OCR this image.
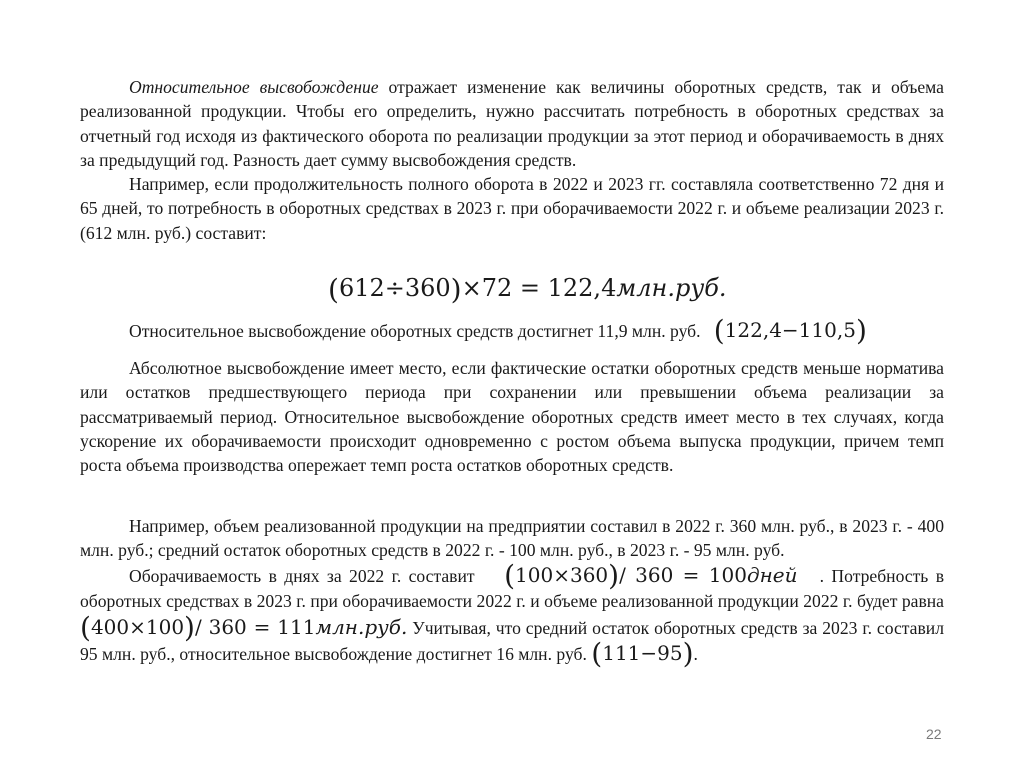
Относительное высвобождение отражает изменение как величины оборотных средств, так и объема реализованной продукции. Чтобы его определить, нужно рассчитать потребность в оборотных средствах за отчетный год исходя из фактического оборота по реализации продукции за этот период и оборачиваемость в днях за предыдущий год. Разность дает сумму высвобождения средств.

Например, если продолжительность полного оборота в 2022 и 2023 гг. составляла соответственно 72 дня и 65 дней, то потребность в оборотных средствах в 2023 г. при оборачиваемости 2022 г. и объеме реализации 2023 г. (612 млн. руб.) составит:

(612÷360)×72 = 122,4млн.руб.

Относительное высвобождение оборотных средств достигнет 11,9 млн. руб. (122,4−110,5)

Абсолютное высвобождение имеет место, если фактические остатки оборотных средств меньше норматива или остатков предшествующего периода при сохранении или превышении объема реализации за рассматриваемый период. Относительное высвобождение оборотных средств имеет место в тех случаях, когда ускорение их оборачиваемости происходит одновременно с ростом объема выпуска продукции, причем темп роста объема производства опережает темп роста остатков оборотных средств.

Например, объем реализованной продукции на предприятии составил в 2022 г. 360 млн. руб., в 2023 г. - 400 млн. руб.; средний остаток оборотных средств в 2022 г. - 100 млн. руб., в 2023 г. - 95 млн. руб.

Оборачиваемость в днях за 2022 г. составит (100×360)/ 360 = 100дней . Потребность в оборотных средствах в 2023 г. при оборачиваемости 2022 г. и объеме реализованной продукции 2022 г. будет равна (400×100)/ 360 = 111млн.руб. Учитывая, что средний остаток оборотных средств за 2023 г. составил 95 млн. руб., относительное высвобождение достигнет 16 млн. руб. (111−95).

22
